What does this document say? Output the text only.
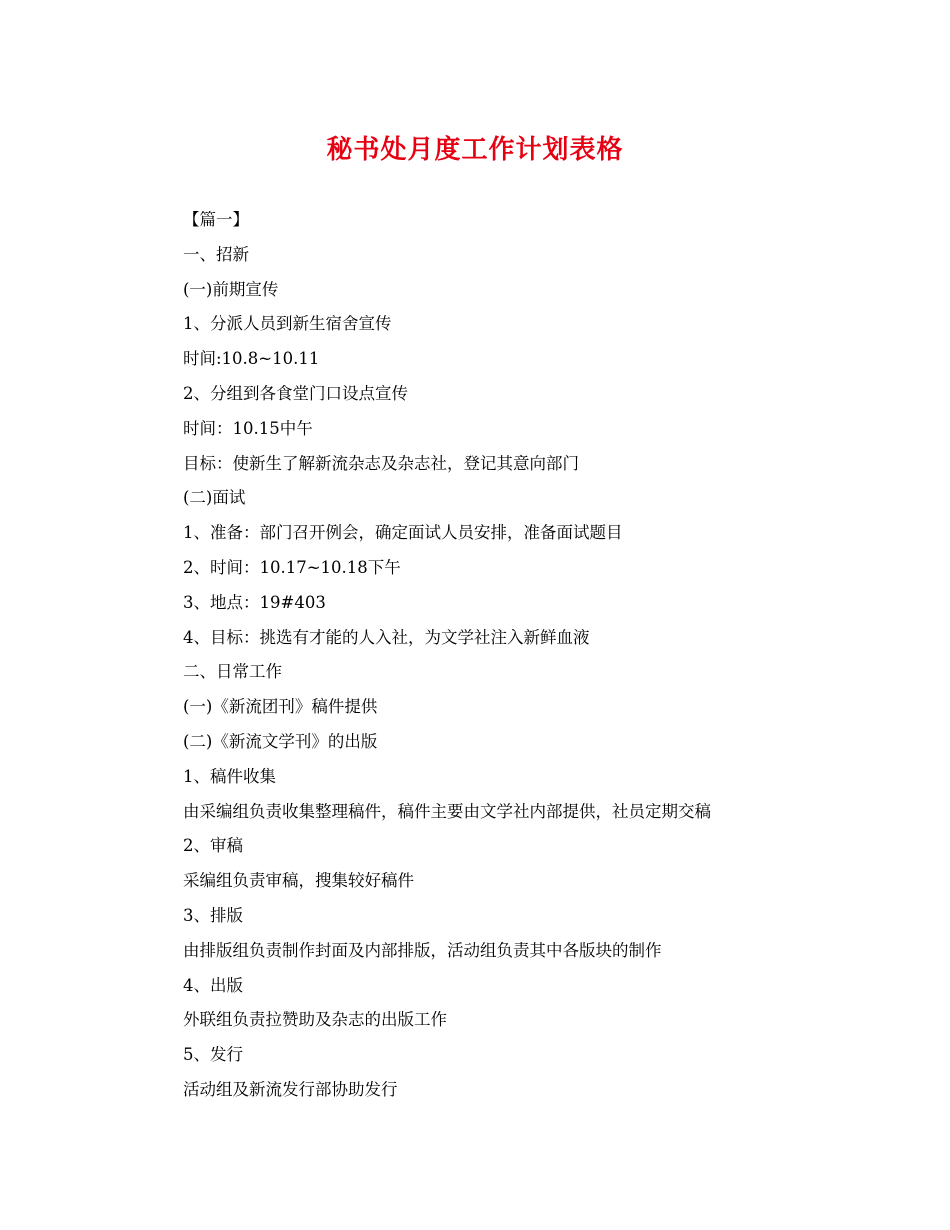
秘书处月度工作计划表格
【篇一】
一、招新
(一)前期宣传
1、分派人员到新生宿舍宣传
时间:10.8~10.11
2、分组到各食堂门口设点宣传
时间：10.15中午
目标：使新生了解新流杂志及杂志社，登记其意向部门
(二)面试
1、准备：部门召开例会，确定面试人员安排，准备面试题目
2、时间：10.17~10.18下午
3、地点：19#403
4、目标：挑选有才能的人入社，为文学社注入新鲜血液
二、日常工作
(一)《新流团刊》稿件提供
(二)《新流文学刊》的出版
1、稿件收集
由采编组负责收集整理稿件，稿件主要由文学社内部提供，社员定期交稿
2、审稿
采编组负责审稿，搜集较好稿件
3、排版
由排版组负责制作封面及内部排版，活动组负责其中各版块的制作
4、出版
外联组负责拉赞助及杂志的出版工作
5、发行
活动组及新流发行部协助发行
